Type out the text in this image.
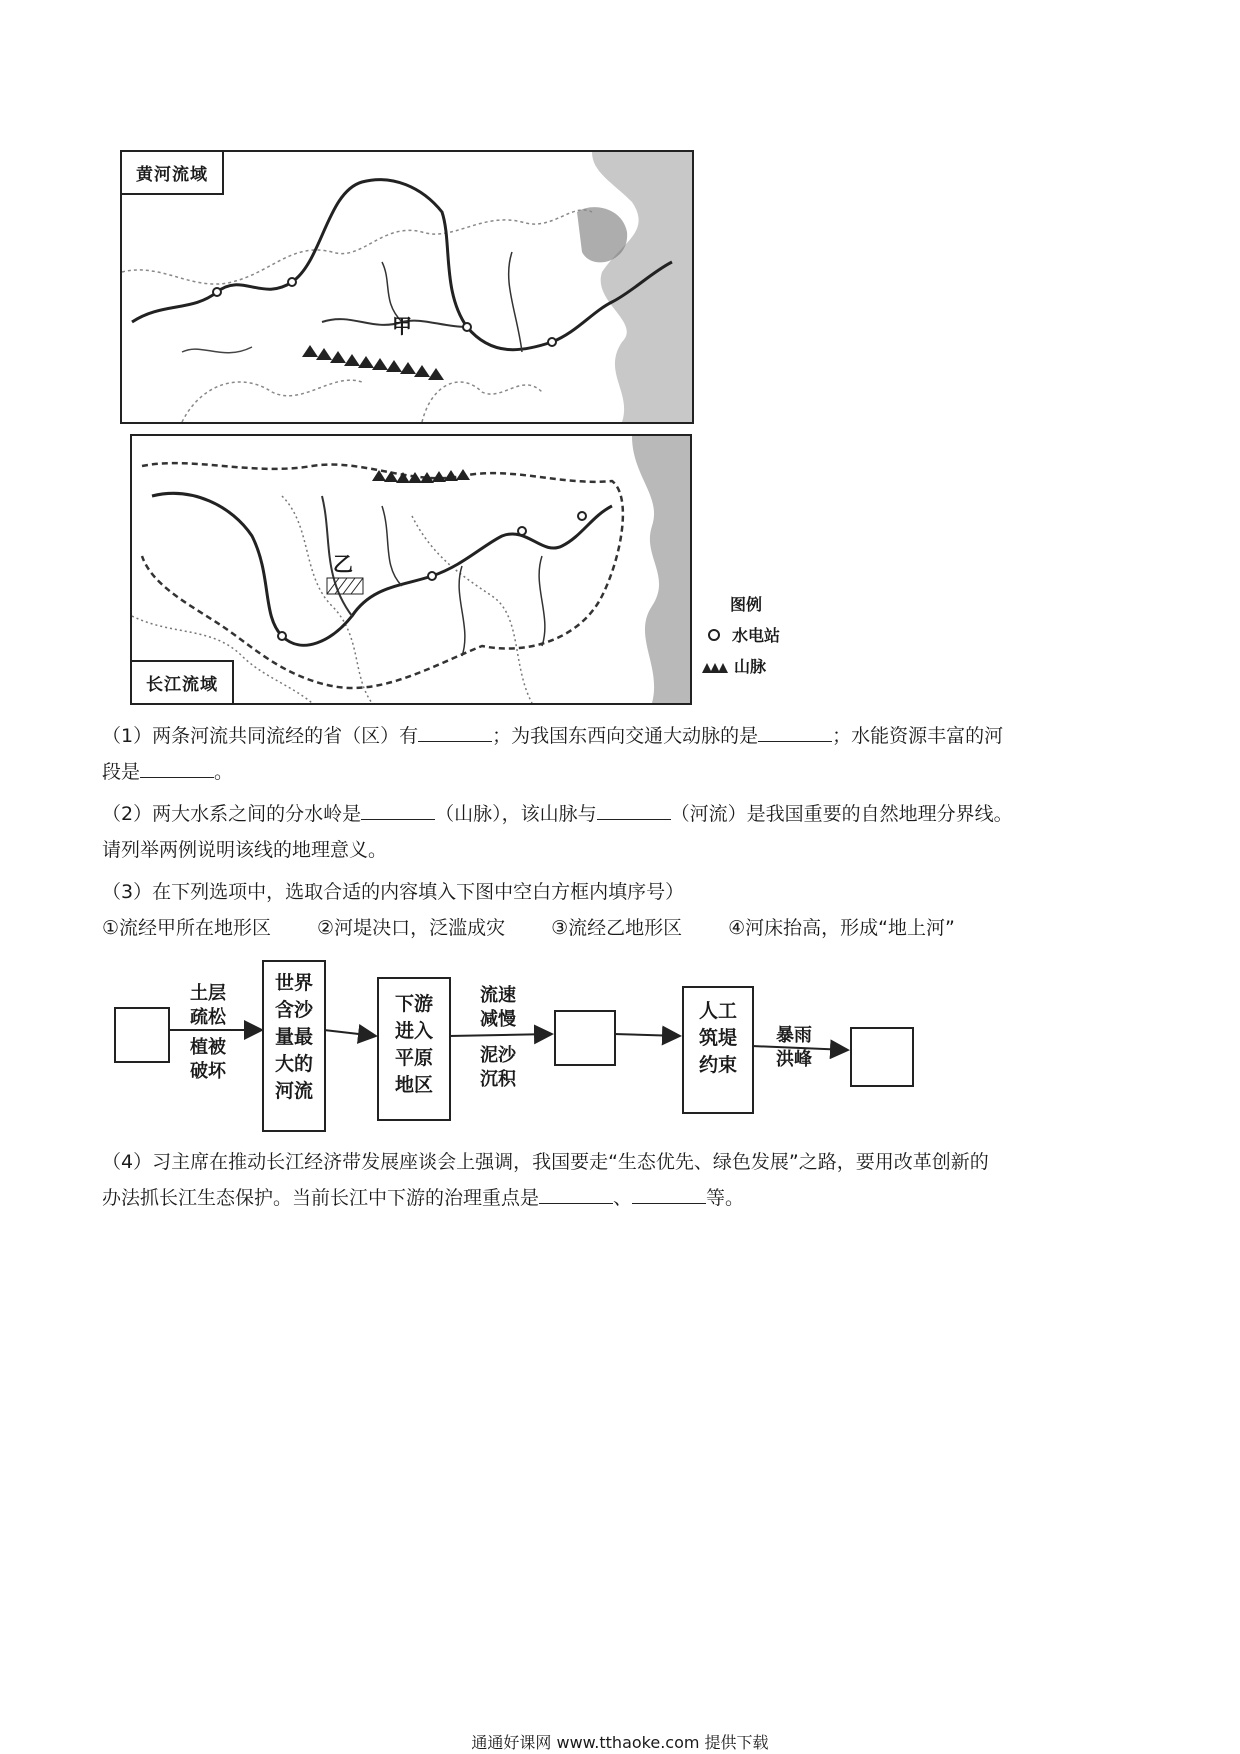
黄河流域
甲
乙
长江流域
图例
水电站
山脉
（1）两条河流共同流经的省（区）有	；为我国东西向交通大动脉的是	；水能资源丰富的河
段是	。
（2）两大水系之间的分水岭是	（山脉），该山脉与	（河流）是我国重要的自然地理分界线。
请列举两例说明该线的地理意义。
（3）在下列选项中，选取合适的内容填入下图中空白方框内填序号）
①流经甲所在地形区 ②河堤决口，泛滥成灾 ③流经乙地形区 ④河床抬高，形成“地上河”
土层疏松
植被破坏
世界含沙量最大的河流
下游进入平原地区
流速减慢
泥沙沉积
人工筑堤约束
暴雨洪峰
（4）习主席在推动长江经济带发展座谈会上强调，我国要走“生态优先、绿色发展”之路，要用改革创新的
办法抓长江生态保护。当前长江中下游的治理重点是	、	等。
通通好课网 www.tthaoke.com 提供下载
